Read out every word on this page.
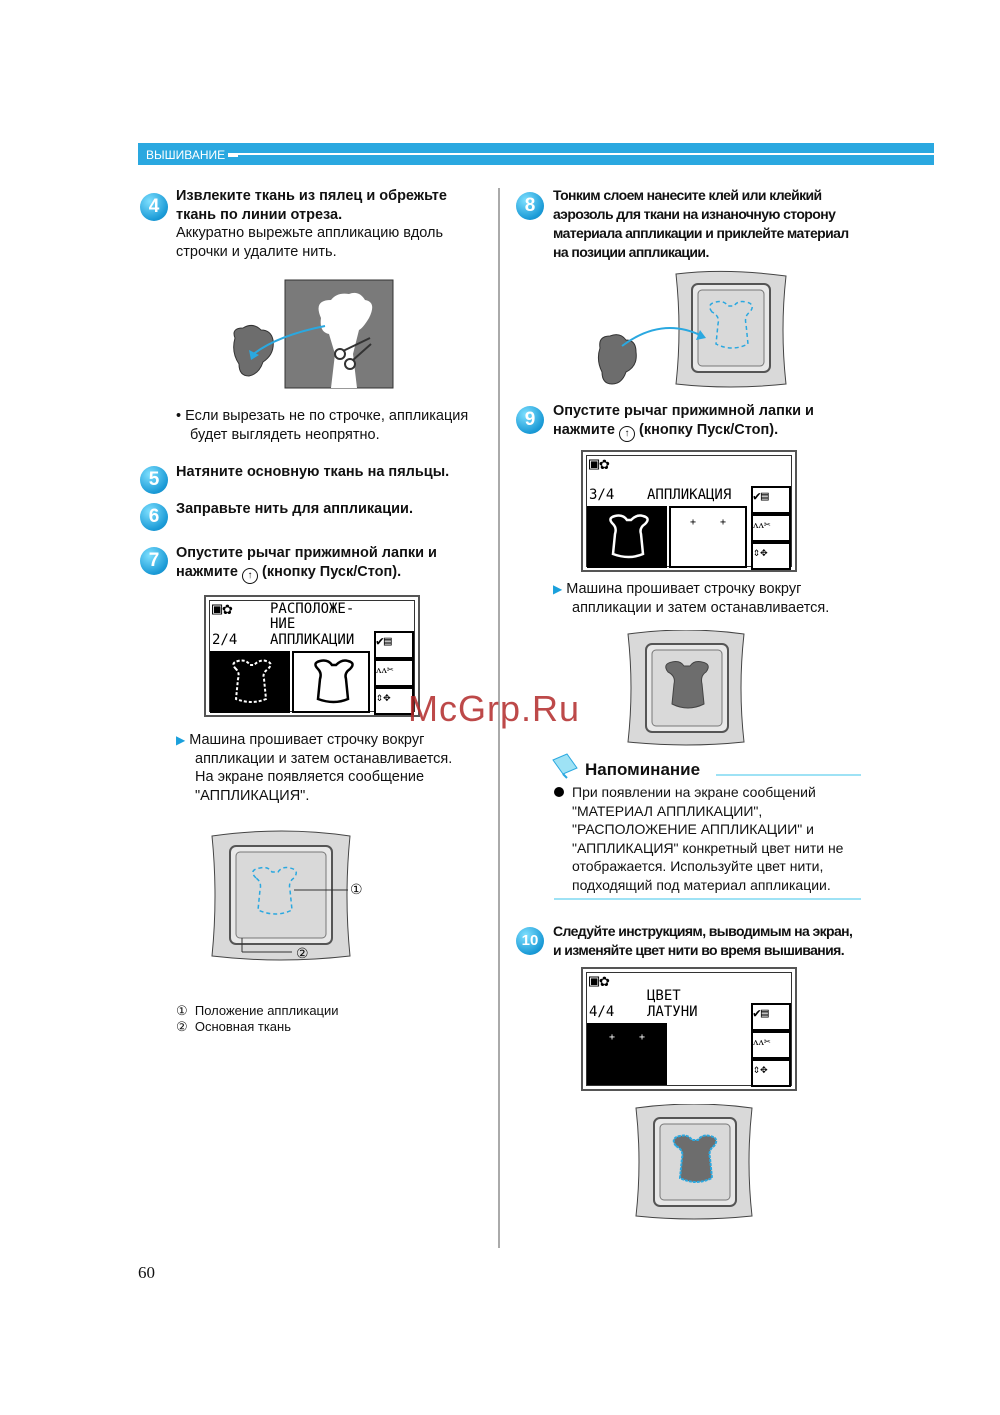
ВЫШИВАНИЕ
4	Извлеките ткань из пялец и обрежьте
ткань по линии отреза.
Аккуратно вырежьте аппликацию вдоль
строчки и удалите нить.
• Если вырезать не по строчке, аппликация
будет выглядеть неопрятно.
5	Натяните основную ткань на пяльцы.
6	Заправьте нить для аппликации.
7	Опустите рычаг прижимной лапки и
нажмите ↑ (кнопку Пуск/Стоп).
▣✿	РАСПОЛОЖЕ-
НИЕ
АППЛИКАЦИИ
2/4	✔▤
ᴧᴧ✂
⇕✥
▶ Машина прошивает строчку вокруг
аппликации и затем останавливается.
На экране появляется сообщение
"АППЛИКАЦИЯ".
①
②

①  Положение аппликации
②  Основная ткань

8	Тонким слоем нанесите клей или клейкий
аэрозоль для ткани на изнаночную сторону
материала аппликации и приклейте материал
на позиции аппликации.
9	Опустите рычаг прижимной лапки и
нажмите ↑ (кнопку Пуск/Стоп).
▣✿
АППЛИКАЦИЯ
3/4
+    +
✔▤
ᴧᴧ✂
⇕✥
▶ Машина прошивает строчку вокруг
аппликации и затем останавливается.
Напоминание
При появлении на экране сообщений
"МАТЕРИАЛ АППЛИКАЦИИ",
"РАСПОЛОЖЕНИЕ АППЛИКАЦИИ" и
"АППЛИКАЦИЯ" конкретный цвет нити не
отображается. Используйте цвет нити,
подходящий под материал аппликации.
10
Следуйте инструкциям, выводимым на экран,
и изменяйте цвет нити во время вышивания.
▣✿
ЦВЕТ
ЛАТУНИ
4/4
+    +
✔▤
ᴧᴧ✂
⇕✥
McGrp.Ru
60
